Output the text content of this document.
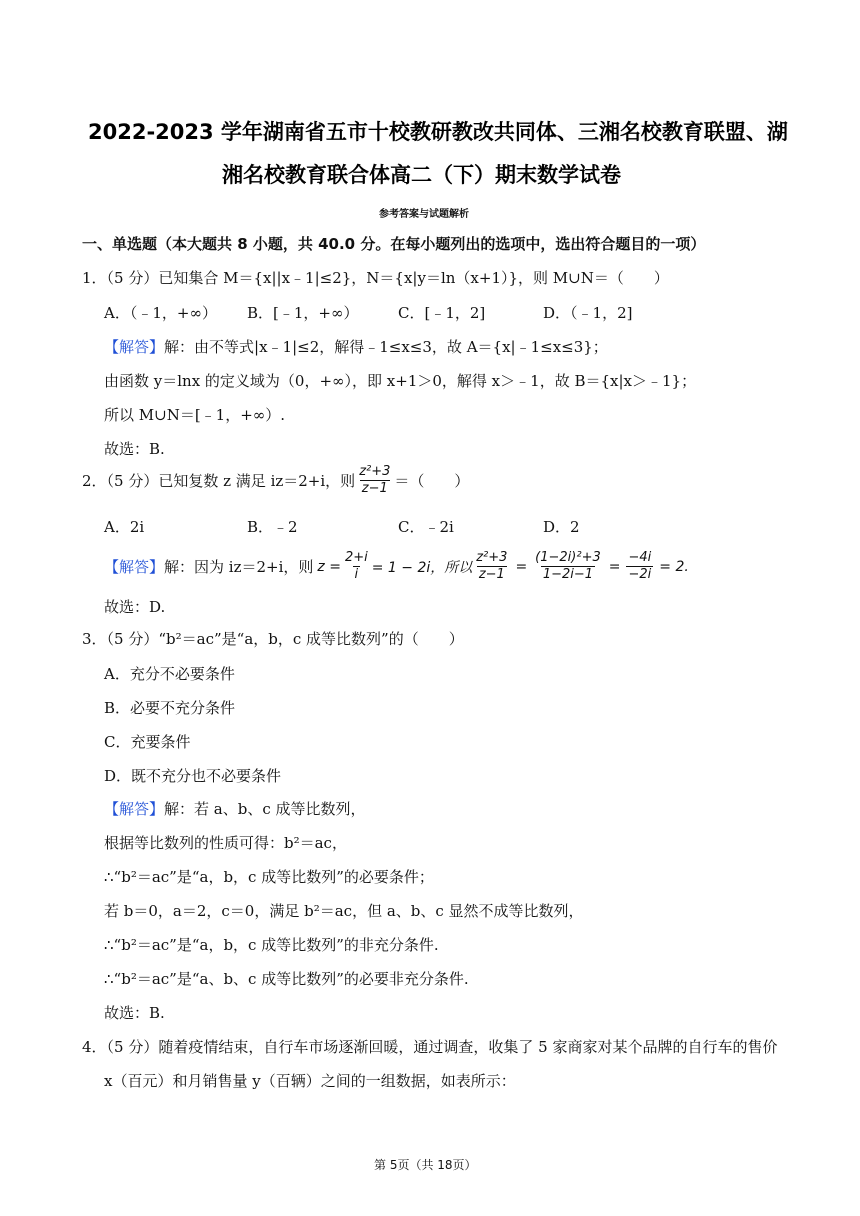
2022-2023 学年湖南省五市十校教研教改共同体、三湘名校教育联盟、湖
湘名校教育联合体高二（下）期末数学试卷
参考答案与试题解析
一、单选题（本大题共 8 小题，共 40.0 分。在每小题列出的选项中，选出符合题目的一项）
1．（5 分）已知集合 M＝{x||x﹣1|≤2}，N＝{x|y＝ln（x+1）}，则 M∪N＝（　　）
A．（﹣1，+∞） B．[﹣1，+∞）	C．[﹣1，2]	D．（﹣1，2]
【解答】解：由不等式|x﹣1|≤2，解得﹣1≤x≤3，故 A＝{x|﹣1≤x≤3}；
由函数 y＝lnx 的定义域为（0，+∞），即 x+1＞0，解得 x＞﹣1，故 B＝{x|x＞﹣1}；
所以 M∪N＝[﹣1，+∞）.
故选：B.
2．（5 分）已知复数 z 满足 iz＝2+i，则 $\frac{\text{z²+3}}{z-1}$ ＝（　　）
A．2i	B．﹣2	C．﹣2i	D．2
【解答】 解：因为 iz＝2+i，则 $z = \frac{2+i}{i} = 1 - 2i$，所以 $\frac{\text{z²+3}}{z-1} = \frac{\text{(1−2i)²+3}}{1-2i-1} = \frac{-4i}{-2i} = 2$.
故选：D.
3．（5 分）“b²＝ac”是“a，b，c 成等比数列”的（　　）
A．充分不必要条件
B．必要不充分条件
C．充要条件
D．既不充分也不必要条件
【解答】解：若 a、b、c 成等比数列，
根据等比数列的性质可得：b²＝ac，
∴“b²＝ac”是“a，b，c 成等比数列”的必要条件；
若 b＝0，a＝2，c＝0，满足 b²＝ac，但 a、b、c 显然不成等比数列，
∴“b²＝ac”是“a，b，c 成等比数列”的非充分条件.
∴“b²＝ac”是“a、b、c 成等比数列”的必要非充分条件.
故选：B.
4．（5 分）随着疫情结束，自行车市场逐渐回暖，通过调查，收集了 5 家商家对某个品牌的自行车的售价
x（百元）和月销售量 y（百辆）之间的一组数据，如表所示：
第 5页（共 18页）
